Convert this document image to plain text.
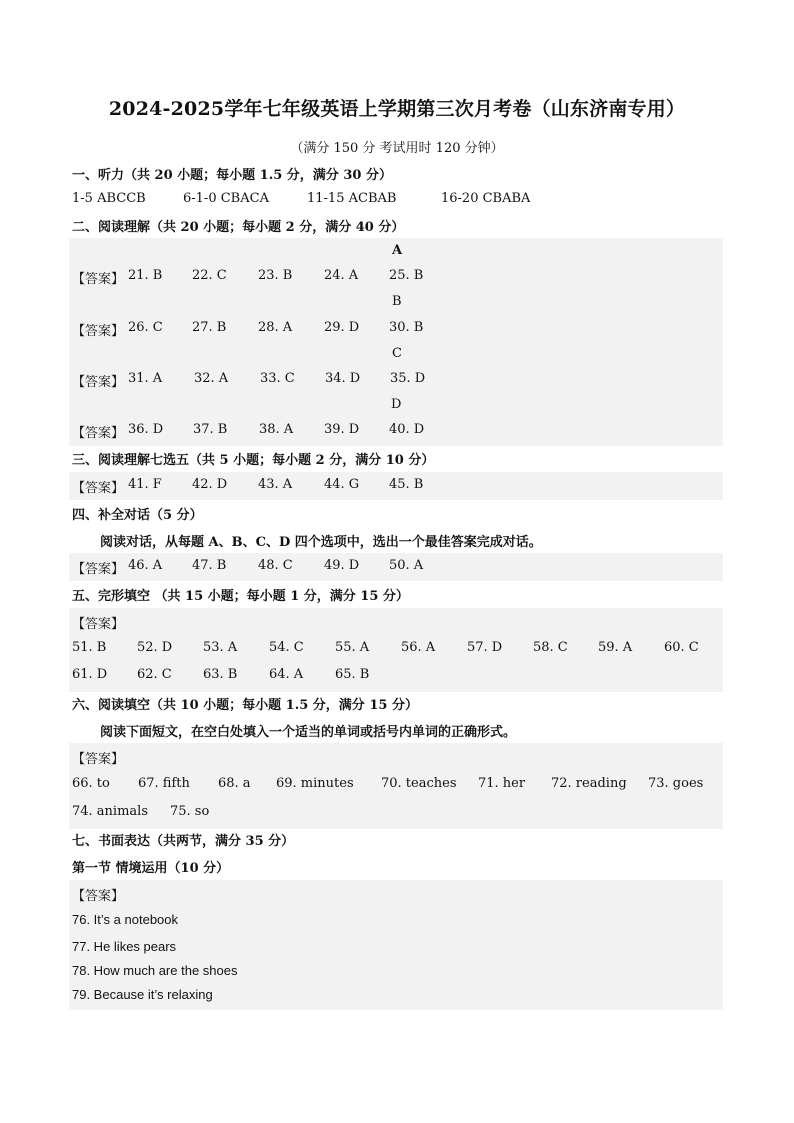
2024-2025学年七年级英语上学期第三次月考卷（山东济南专用）
（满分 150 分 考试用时 120 分钟）
一、听力（共 20 小题；每小题 1.5 分，满分 30 分）
1-5 ABCCB	6-1-0 CBACA	11-15 ACBAB	16-20 CBABA
二、阅读理解（共 20 小题；每小题 2 分，满分 40 分）
A
【答案】 21. B 22. C 23. B 24. A 25. B
B
【答案】 26. C 27. B 28. A 29. D 30. B
C
【答案】 31. A 32. A 33. C 34. D 35. D
D
【答案】 36. D 37. B 38. A 39. D 40. D
三、阅读理解七选五（共 5 小题；每小题 2 分，满分 10 分）
【答案】 41. F 42. D 43. A 44. G 45. B
四、补全对话（5 分）
阅读对话，从每题 A、B、C、D 四个选项中，选出一个最佳答案完成对话。
【答案】 46. A 47. B 48. C 49. D 50. A
五、完形填空 （共 15 小题；每小题 1 分，满分 15 分）
【答案】
51. B 52. D 53. A 54. C 55. A 56. A 57. D 58. C 59. A 60. C
61. D 62. C 63. B 64. A 65. B
六、阅读填空（共 10 小题；每小题 1.5 分，满分 15 分）
阅读下面短文，在空白处填入一个适当的单词或括号内单词的正确形式。
【答案】
66. to 67. fifth 68. a 69. minutes 70. teaches 71. her 72. reading 73. goes
74. animals 75. so
七、书面表达（共两节，满分 35 分）
第一节 情境运用（10 分）
【答案】
76. It’s a notebook
77. He likes pears
78. How much are the shoes
79. Because it’s relaxing
